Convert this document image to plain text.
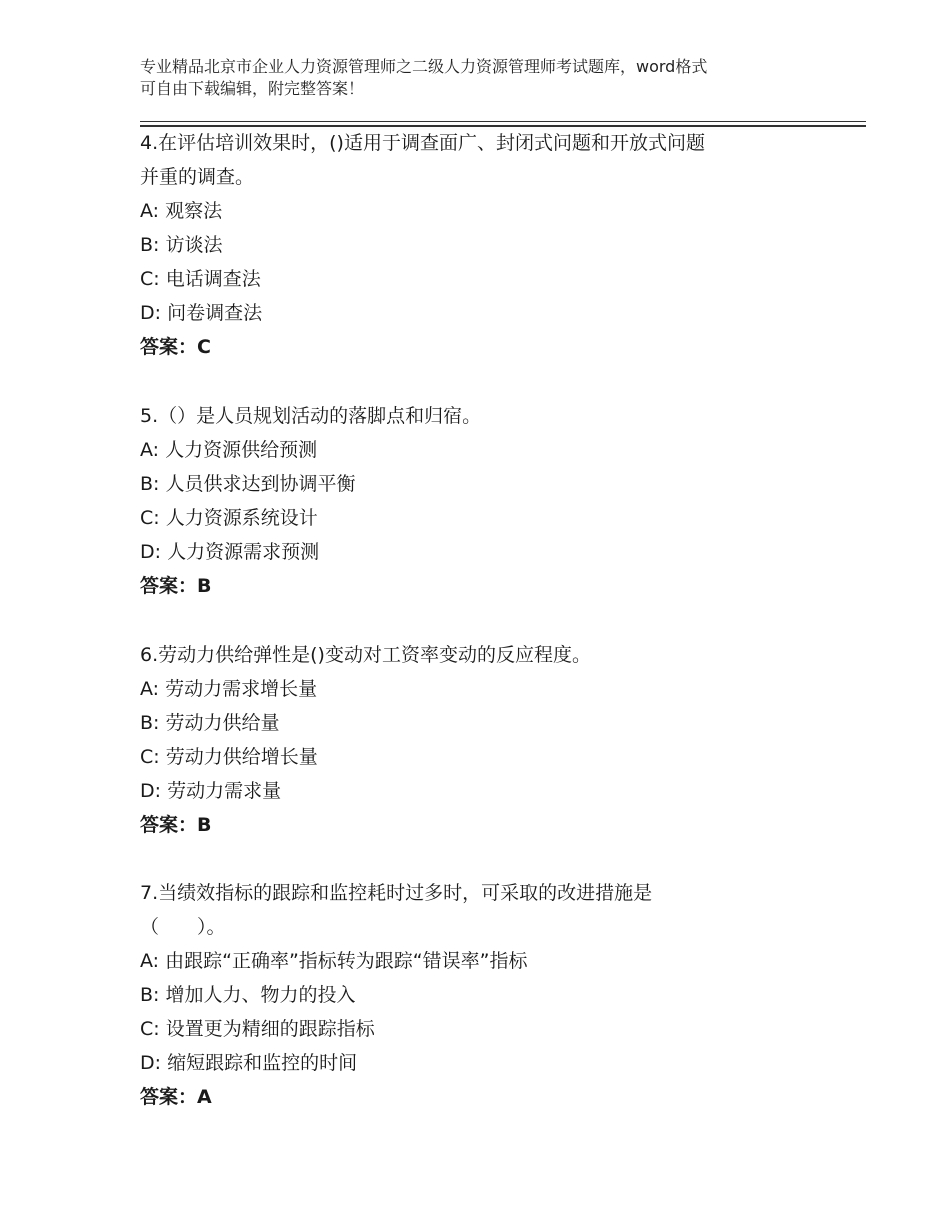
专业精品北京市企业人力资源管理师之二级人力资源管理师考试题库，word格式
可自由下载编辑，附完整答案！
4.在评估培训效果时，()适用于调查面广、封闭式问题和开放式问题
并重的调查。
A: 观察法
B: 访谈法
C: 电话调查法
D: 问卷调查法
答案：C
5.（）是人员规划活动的落脚点和归宿。
A: 人力资源供给预测
B: 人员供求达到协调平衡
C: 人力资源系统设计
D: 人力资源需求预测
答案：B
6.劳动力供给弹性是()变动对工资率变动的反应程度。
A: 劳动力需求增长量
B: 劳动力供给量
C: 劳动力供给增长量
D: 劳动力需求量
答案：B
7.当绩效指标的跟踪和监控耗时过多时，可采取的改进措施是
（　　）。
A: 由跟踪“正确率”指标转为跟踪“错误率”指标
B: 增加人力、物力的投入
C: 设置更为精细的跟踪指标
D: 缩短跟踪和监控的时间
答案：A
